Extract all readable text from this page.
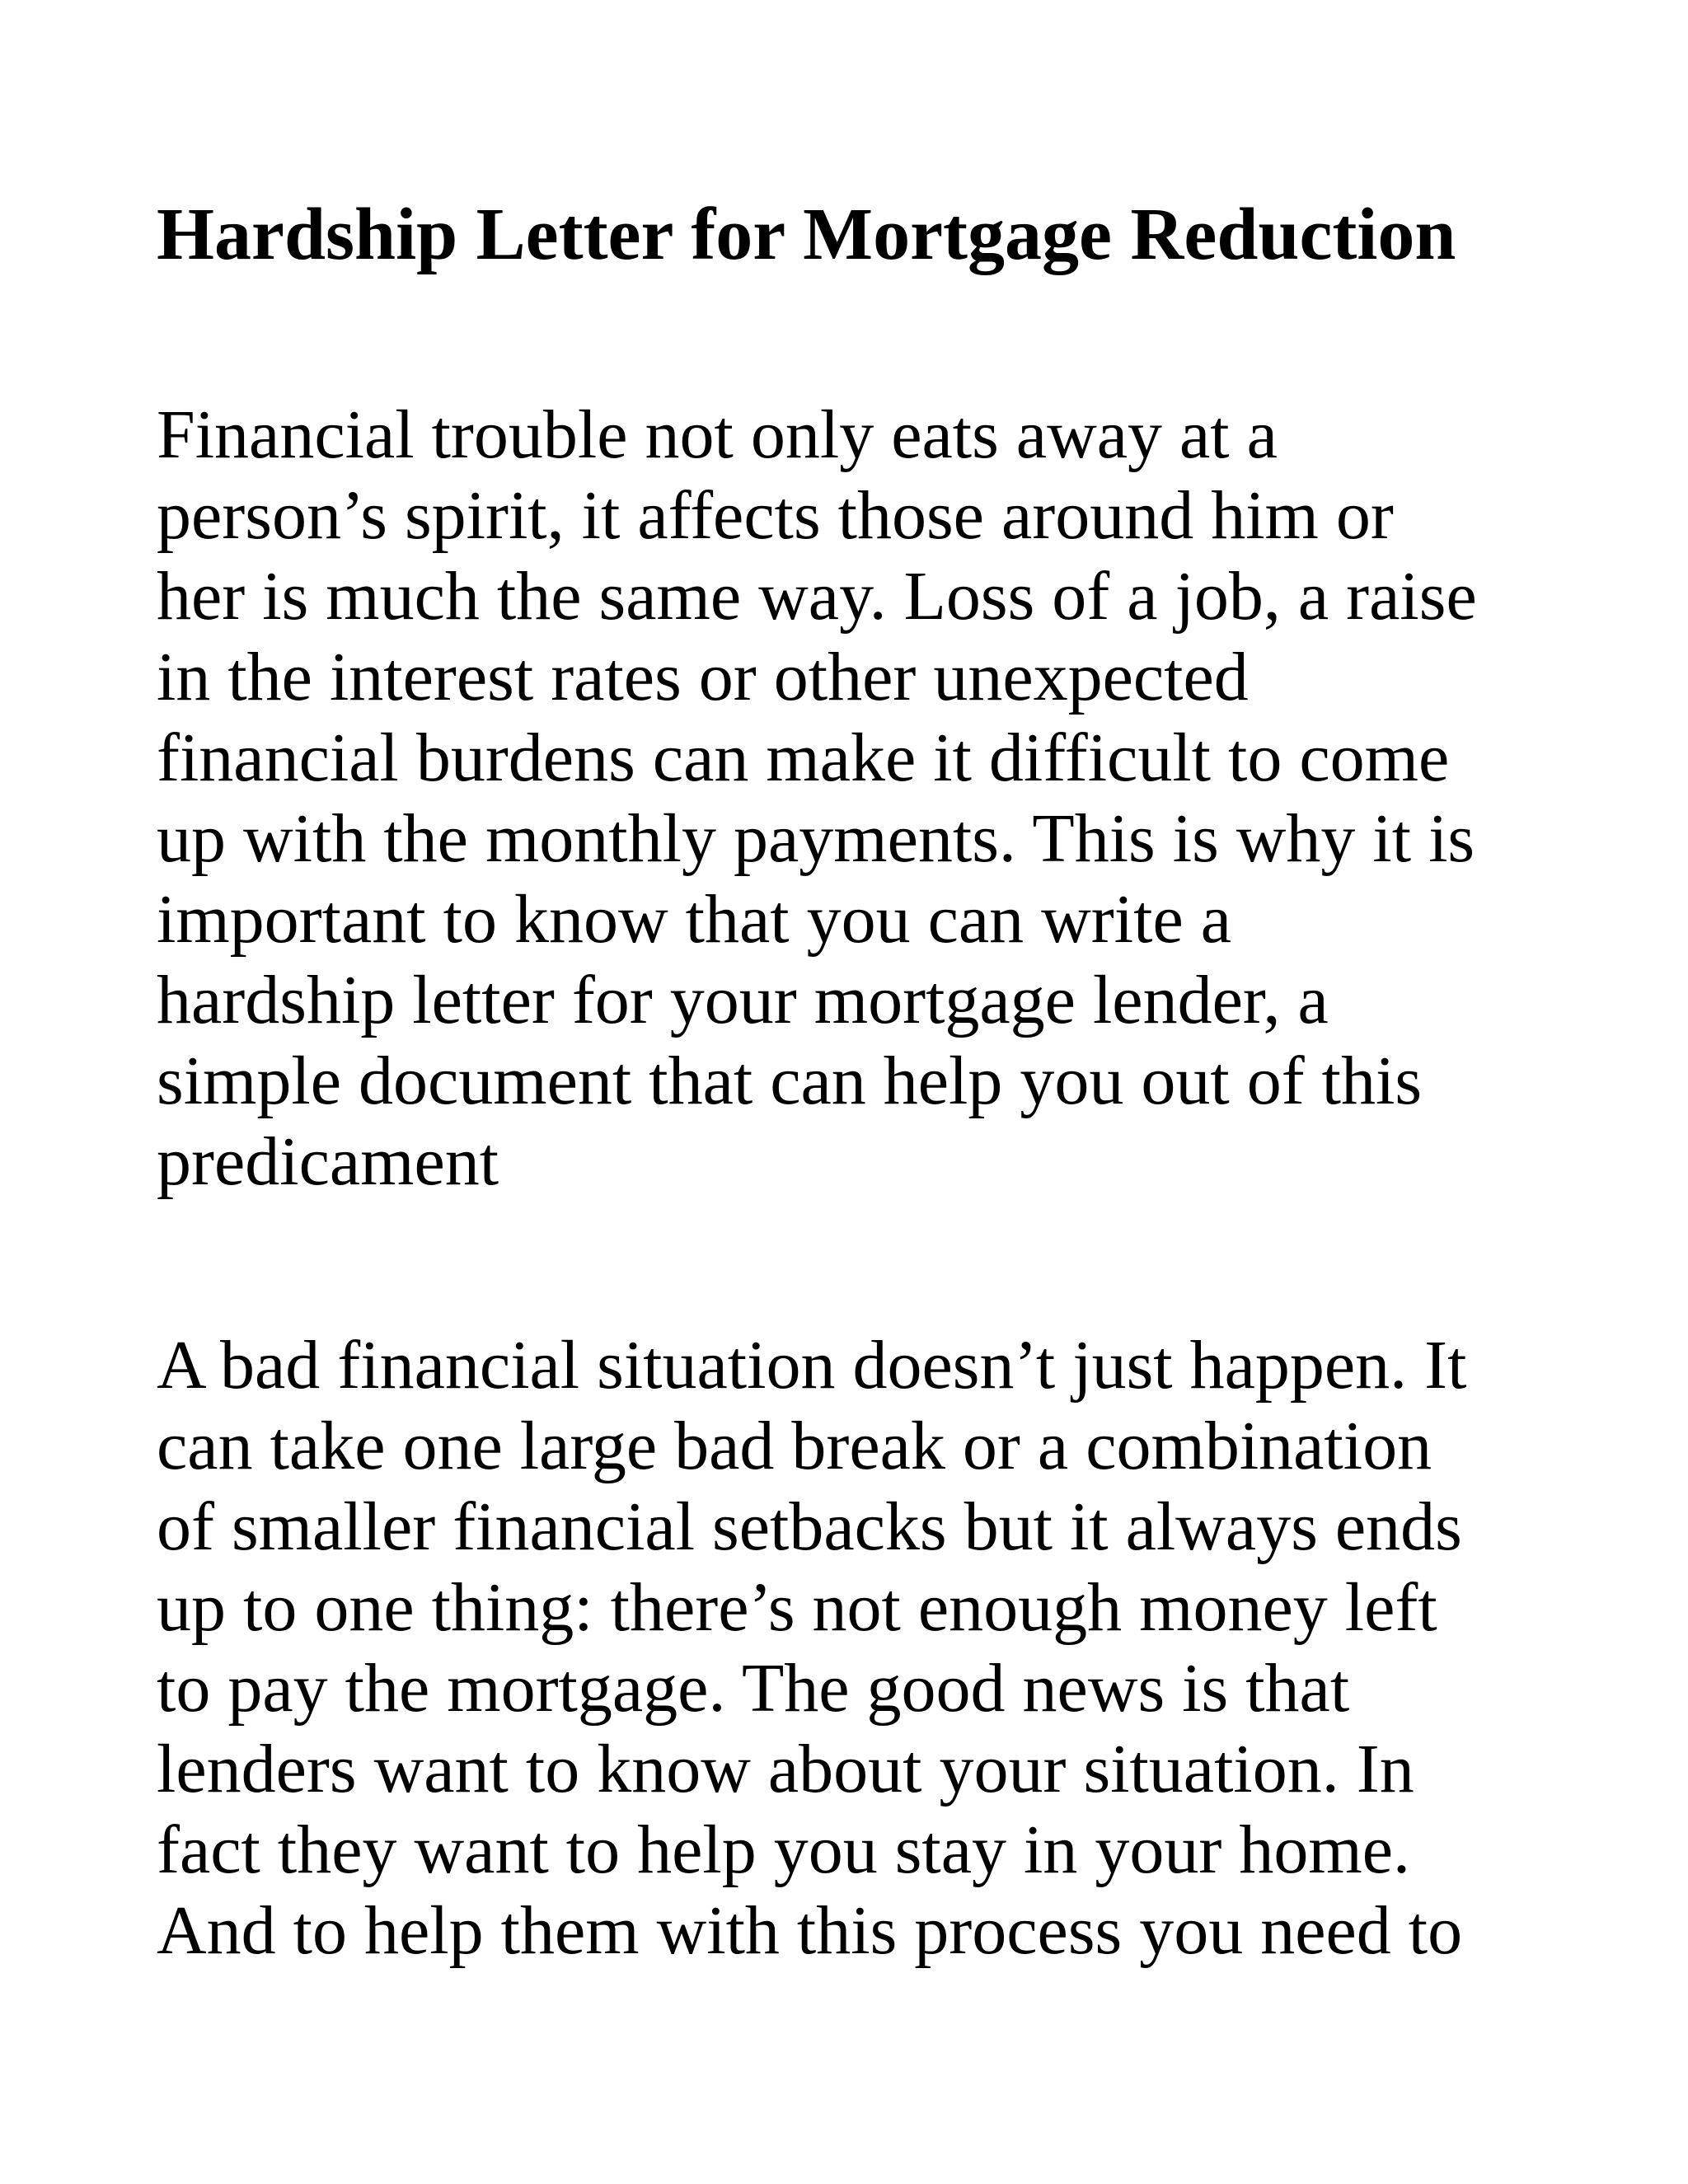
Hardship Letter for Mortgage Reduction
Financial trouble not only eats away at a
person’s spirit, it affects those around him or
her is much the same way. Loss of a job, a raise
in the interest rates or other unexpected
financial burdens can make it difficult to come
up with the monthly payments. This is why it is
important to know that you can write a
hardship letter for your mortgage lender, a
simple document that can help you out of this
predicament
A bad financial situation doesn’t just happen. It
can take one large bad break or a combination
of smaller financial setbacks but it always ends
up to one thing: there’s not enough money left
to pay the mortgage. The good news is that
lenders want to know about your situation. In
fact they want to help you stay in your home.
And to help them with this process you need to
